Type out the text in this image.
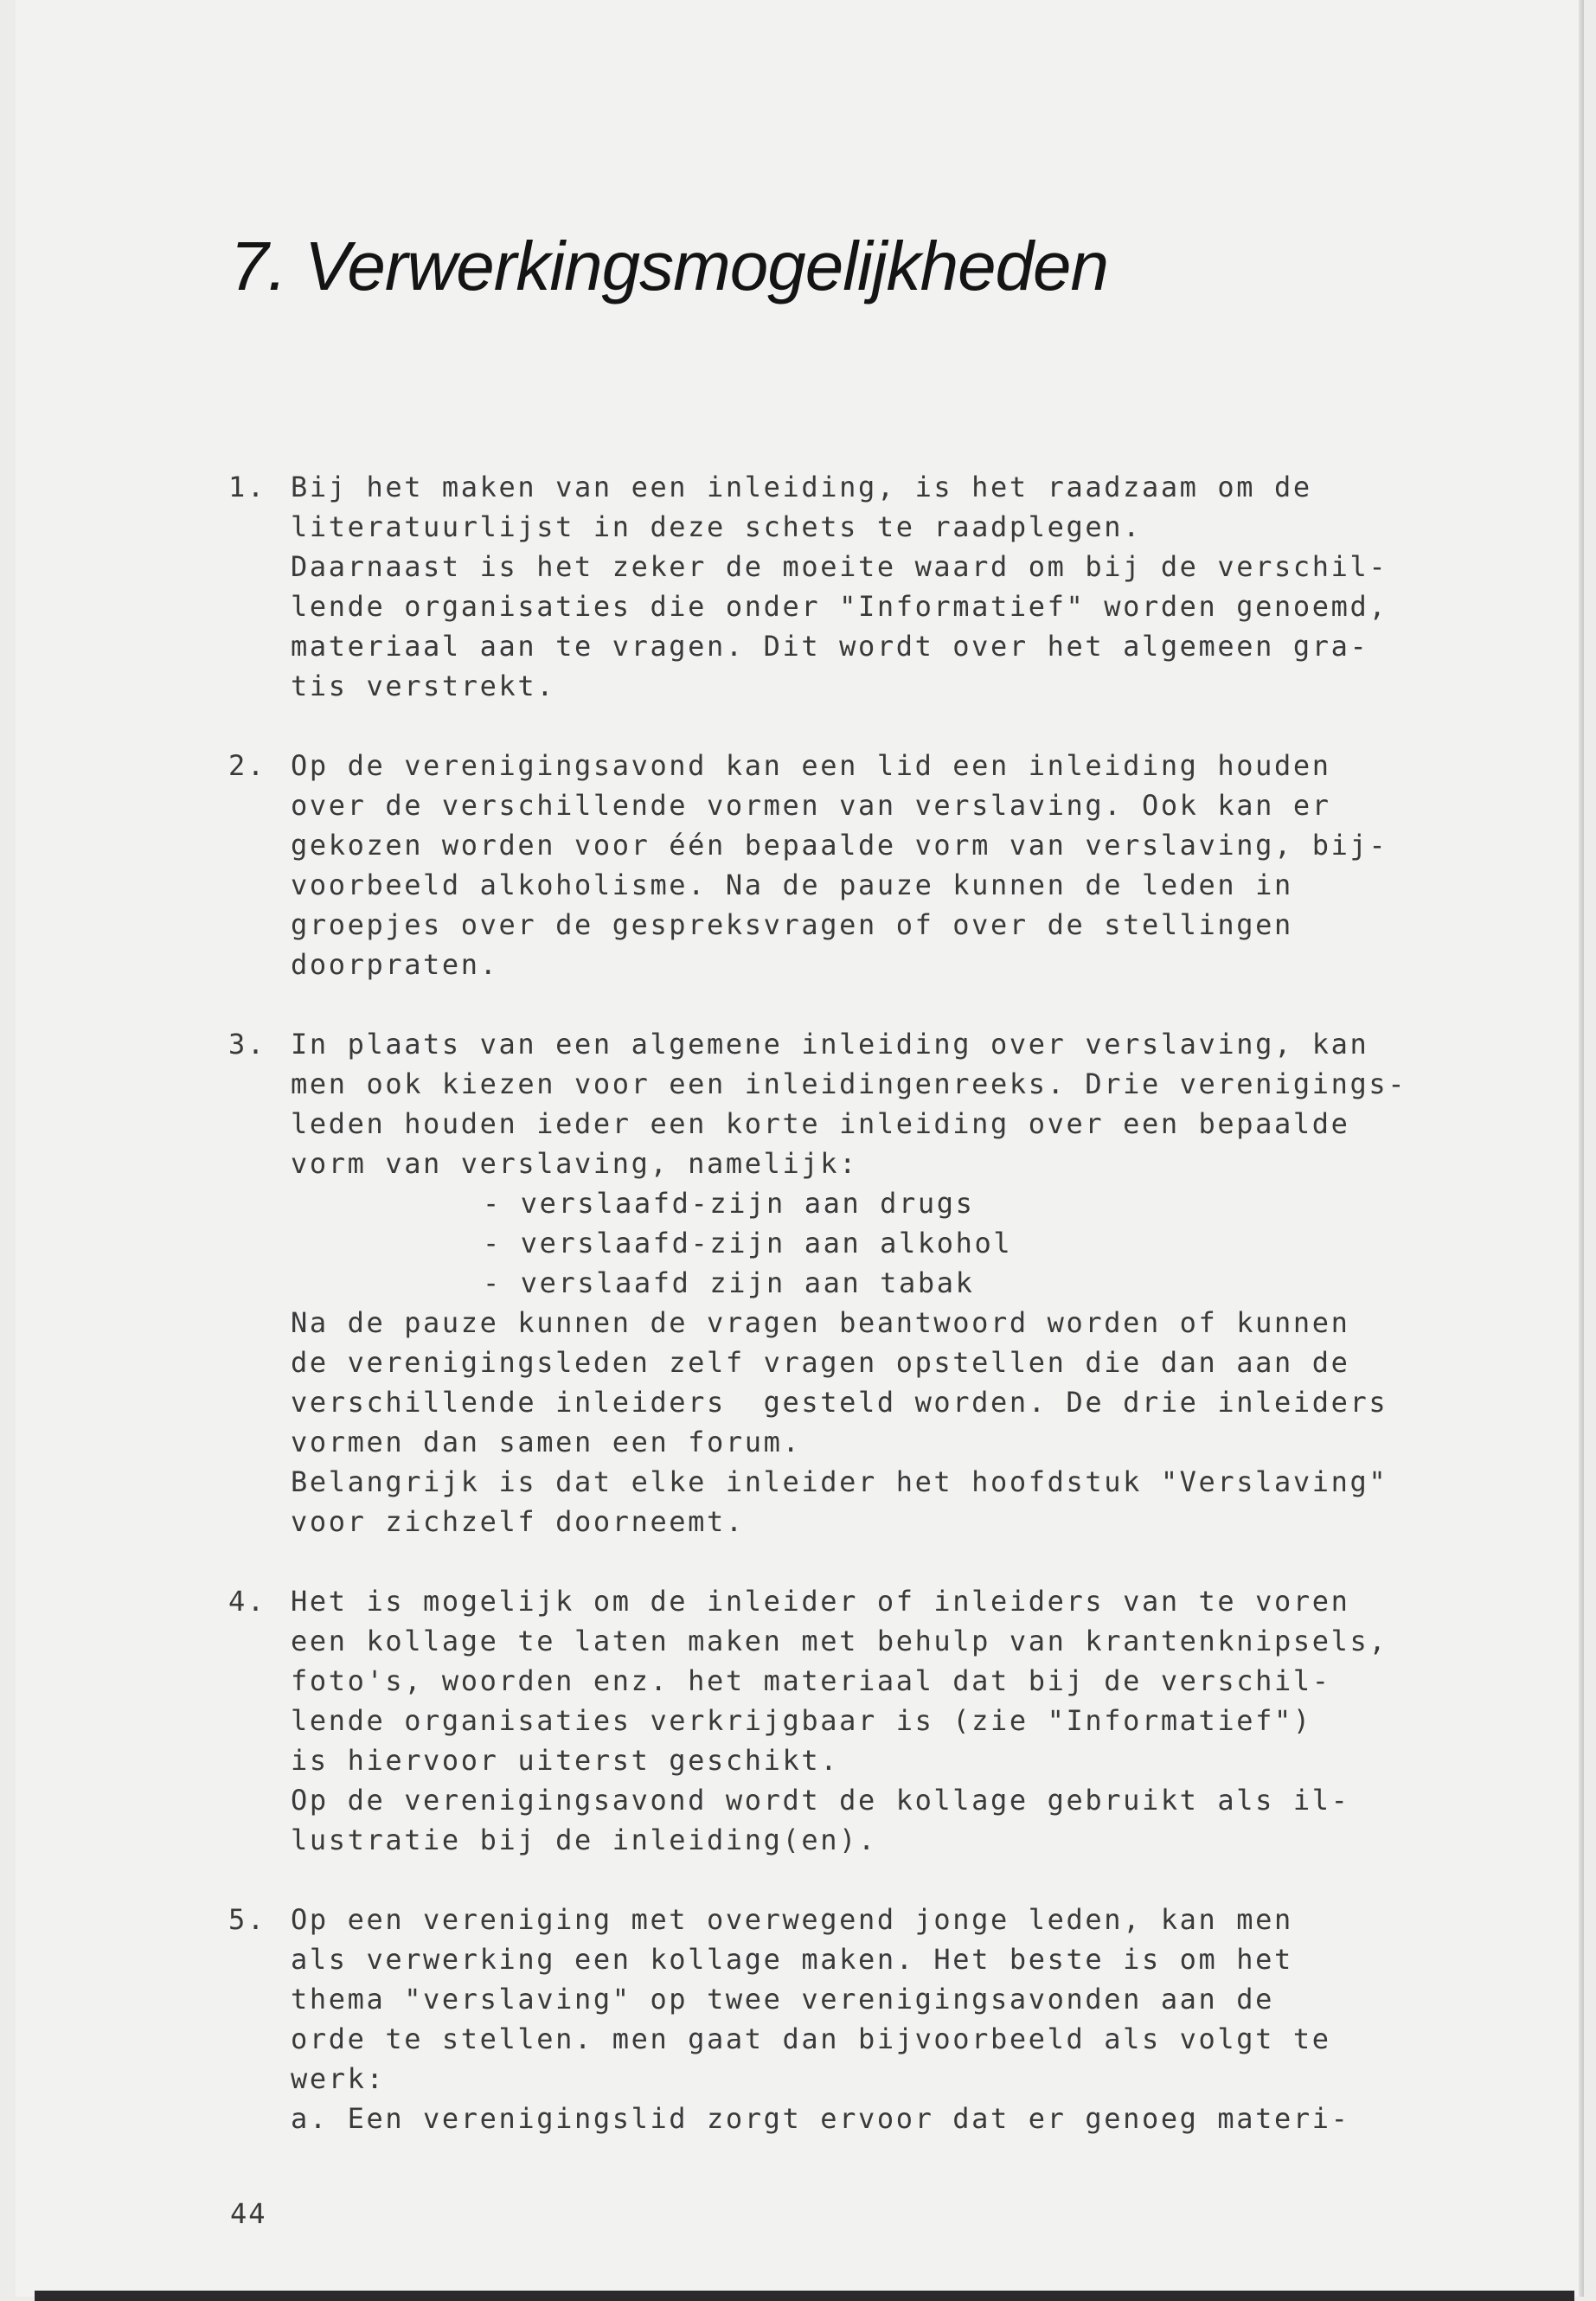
7. Verwerkingsmogelijkheden
1. Bij het maken van een inleiding, is het raadzaam om de
literatuurlijst in deze schets te raadplegen.
Daarnaast is het zeker de moeite waard om bij de verschil-
lende organisaties die onder "Informatief" worden genoemd,
materiaal aan te vragen. Dit wordt over het algemeen gra-
tis verstrekt.
2. Op de verenigingsavond kan een lid een inleiding houden
over de verschillende vormen van verslaving. Ook kan er
gekozen worden voor één bepaalde vorm van verslaving, bij-
voorbeeld alkoholisme. Na de pauze kunnen de leden in
groepjes over de gespreksvragen of over de stellingen
doorpraten.
3. In plaats van een algemene inleiding over verslaving, kan
men ook kiezen voor een inleidingenreeks. Drie verenigings-
leden houden ieder een korte inleiding over een bepaalde
vorm van verslaving, namelijk:
- verslaafd-zijn aan drugs
- verslaafd-zijn aan alkohol
- verslaafd zijn aan tabak
Na de pauze kunnen de vragen beantwoord worden of kunnen
de verenigingsleden zelf vragen opstellen die dan aan de
verschillende inleiders  gesteld worden. De drie inleiders
vormen dan samen een forum.
Belangrijk is dat elke inleider het hoofdstuk "Verslaving"
voor zichzelf doorneemt.
4. Het is mogelijk om de inleider of inleiders van te voren
een kollage te laten maken met behulp van krantenknipsels,
foto's, woorden enz. het materiaal dat bij de verschil-
lende organisaties verkrijgbaar is (zie "Informatief")
is hiervoor uiterst geschikt.
Op de verenigingsavond wordt de kollage gebruikt als il-
lustratie bij de inleiding(en).
5. Op een vereniging met overwegend jonge leden, kan men
als verwerking een kollage maken. Het beste is om het
thema "verslaving" op twee verenigingsavonden aan de
orde te stellen. men gaat dan bijvoorbeeld als volgt te
werk:
a. Een verenigingslid zorgt ervoor dat er genoeg materi-
44
